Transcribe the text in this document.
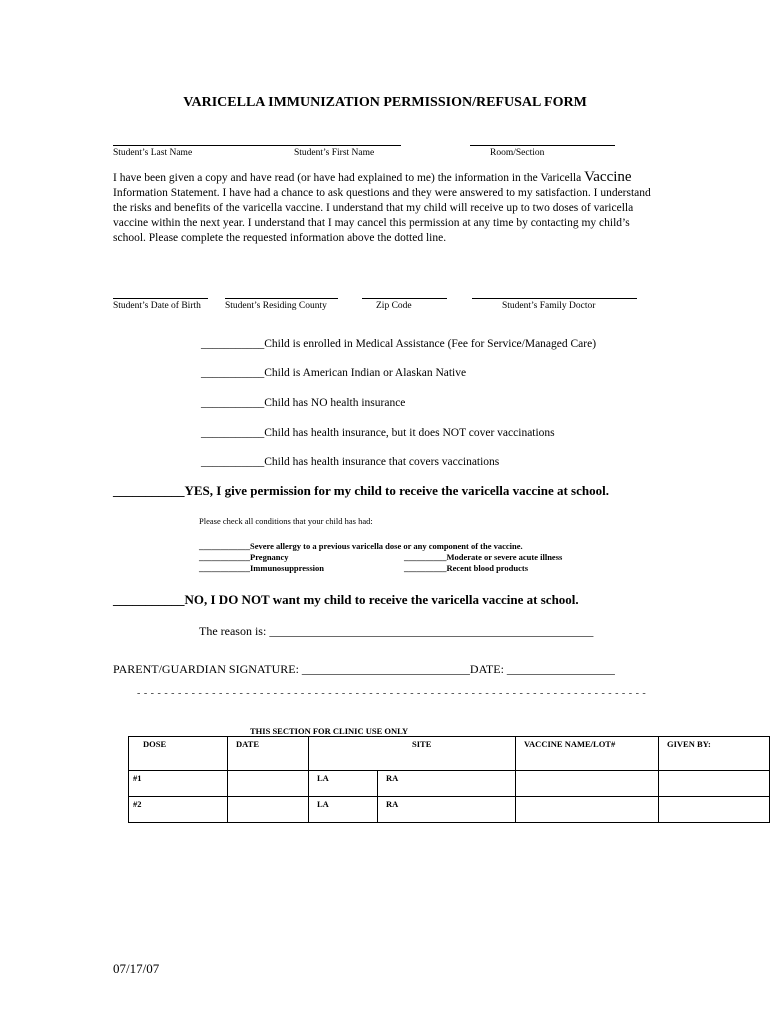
VARICELLA IMMUNIZATION PERMISSION/REFUSAL FORM
Student’s Last Name	Student’s First Name	Room/Section
I have been given a copy and have read (or have had explained to me) the information in the Varicella Vaccine Information Statement. I have had a chance to ask questions and they were answered to my satisfaction. I understand the risks and benefits of the varicella vaccine. I understand that my child will receive up to two doses of varicella vaccine within the next year. I understand that I may cancel this permission at any time by contacting my child’s school. Please complete the requested information above the dotted line.
Student’s Date of Birth	Student’s Residing County	Zip Code	Student’s Family Doctor
___________Child is enrolled in Medical Assistance (Fee for Service/Managed Care)
___________Child is American Indian or Alaskan Native
___________Child has NO health insurance
___________Child has health insurance, but it does NOT cover vaccinations
___________Child has health insurance that covers vaccinations
___________YES, I give permission for my child to receive the varicella vaccine at school.
Please check all conditions that your child has had:
____________Severe allergy to a previous varicella dose or any component of the vaccine.
____________Pregnancy	__________Moderate or severe acute illness
____________Immunosuppression	__________Recent blood products
___________NO, I DO NOT want my child to receive the varicella vaccine at school.
The reason is: ______________________________________________________
PARENT/GUARDIAN SIGNATURE: ____________________________DATE: __________________
- - - - - - - - - - - - - - - - - - - - - - - - - - - - - - - - - - - - - - - - - - - - - - - - - - - - - - - - - - - - - - - - - - - - - - - - - - -
THIS SECTION FOR CLINIC USE ONLY
DOSE	DATE	SITE		VACCINE NAME/LOT#	GIVEN BY:
#1		LA	RA		
#2		LA	RA		
07/17/07
